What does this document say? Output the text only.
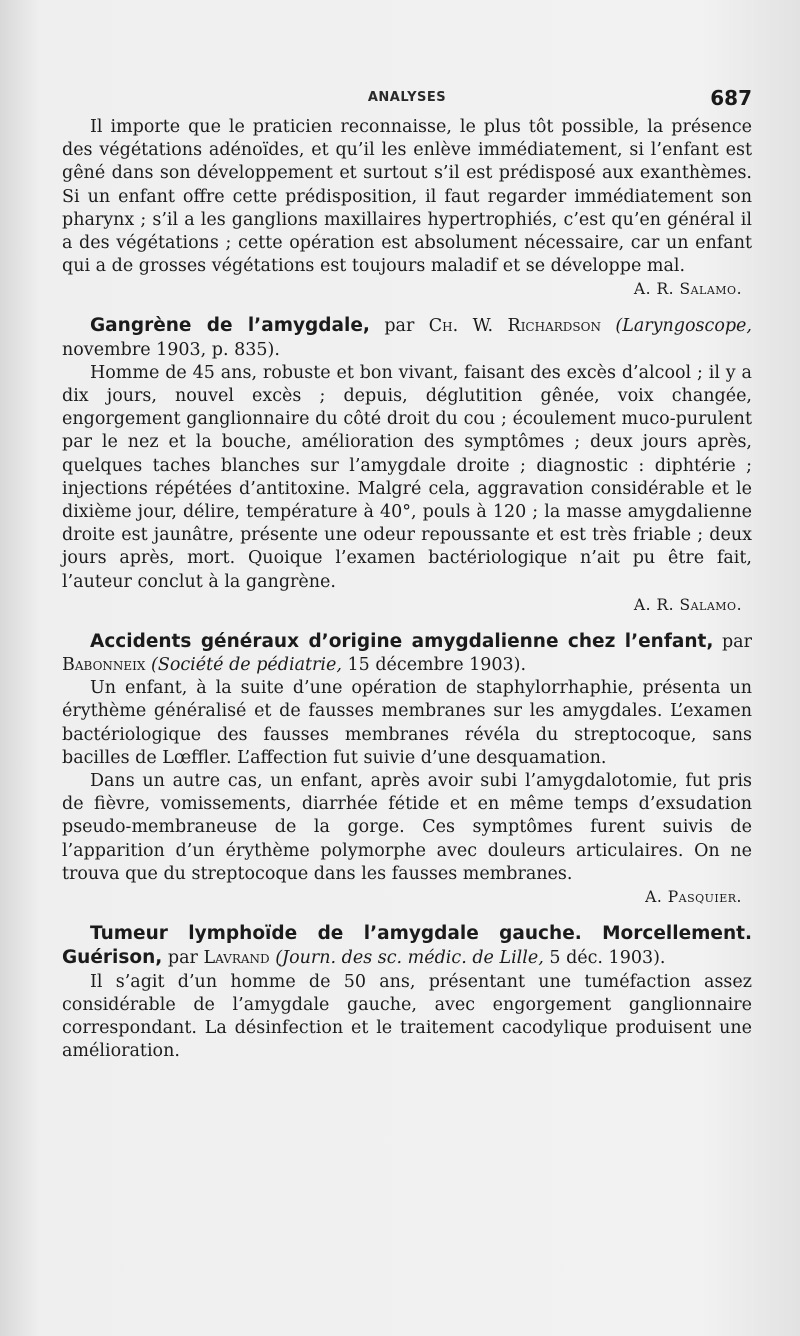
ANALYSES	687

Il importe que le praticien reconnaisse, le plus tôt possible, la présence des végétations adénoïdes, et qu’il les enlève immédiatement, si l’enfant est gêné dans son développement et surtout s’il est prédisposé aux exanthèmes. Si un enfant offre cette prédisposition, il faut regarder immédiatement son pharynx ; s’il a les ganglions maxillaires hypertrophiés, c’est qu’en général il a des végétations ; cette opération est absolument nécessaire, car un enfant qui a de grosses végétations est toujours maladif et se développe mal.

A. R. Salamo.

Gangrène de l’amygdale, par Ch. W. Richardson (Laryngoscope, novembre 1903, p. 835).

Homme de 45 ans, robuste et bon vivant, faisant des excès d’alcool ; il y a dix jours, nouvel excès ; depuis, déglutition gênée, voix changée, engorgement ganglionnaire du côté droit du cou ; écoulement muco-purulent par le nez et la bouche, amélioration des symptômes ; deux jours après, quelques taches blanches sur l’amygdale droite ; diagnostic : diphtérie ; injections répétées d’antitoxine. Malgré cela, aggravation considérable et le dixième jour, délire, température à 40°, pouls à 120 ; la masse amygdalienne droite est jaunâtre, présente une odeur repoussante et est très friable ; deux jours après, mort. Quoique l’examen bactériologique n’ait pu être fait, l’auteur conclut à la gangrène.

A. R. Salamo.

Accidents généraux d’origine amygdalienne chez l’enfant, par Babonneix (Société de pédiatrie, 15 décembre 1903).

Un enfant, à la suite d’une opération de staphylorrhaphie, présenta un érythème généralisé et de fausses membranes sur les amygdales. L’examen bactériologique des fausses membranes révéla du streptocoque, sans bacilles de Lœffler. L’affection fut suivie d’une desquamation.

Dans un autre cas, un enfant, après avoir subi l’amygdalotomie, fut pris de fièvre, vomissements, diarrhée fétide et en même temps d’exsudation pseudo-membraneuse de la gorge. Ces symptômes furent suivis de l’apparition d’un érythème polymorphe avec douleurs articulaires. On ne trouva que du streptocoque dans les fausses membranes.

A. Pasquier.

Tumeur lymphoïde de l’amygdale gauche. Morcellement. Guérison, par Lavrand (Journ. des sc. médic. de Lille, 5 déc. 1903).

Il s’agit d’un homme de 50 ans, présentant une tuméfaction assez considérable de l’amygdale gauche, avec engorgement ganglionnaire correspondant. La désinfection et le traitement cacodylique produisent une amélioration.
